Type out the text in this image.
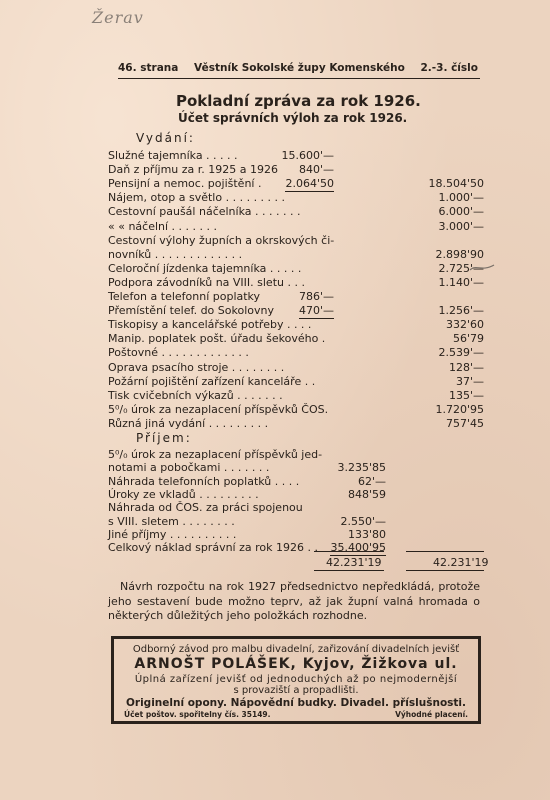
Žerav
46. strana Věstník Sokolské župy Komenského 2.-3. číslo
Pokladní zpráva za rok 1926.
Účet správních výloh za rok 1926.
Vydání:
Služné tajemníka . . . . .	15.600'—
Daň z příjmu za r. 1925 a 1926 840'—
Pensijní a nemoc. pojištění . 2.064'50	18.504'50
Nájem, otop a světlo . . . . . . . . .	1.000'—
Cestovní paušál náčelníka . . . . . . .	6.000'—
« « náčelní . . . . . . .	3.000'—
Cestovní výlohy župních a okrskových či-
novníků . . . . . . . . . . . . .	2.898'90
Celoroční jízdenka tajemníka . . . . .	2.725'—
Podpora závodníků na VIII. sletu . . .	1.140'—
Telefon a telefonní poplatky	786'—
Přemístění telef. do Sokolovny 470'—	1.256'—
Tiskopisy a kancelářské potřeby . . . .	332'60
Manip. poplatek pošt. úřadu šekového .	56'79
Poštovné . . . . . . . . . . . . .	2.539'—
Oprava psacího stroje . . . . . . . .	128'—
Požární pojištění zařízení kanceláře . .	37'—
Tisk cvičebních výkazů . . . . . . .	135'—
5⁰/₀ úrok za nezaplacení příspěvků ČOS.	1.720'95
Různá jiná vydání . . . . . . . . .	757'45
Příjem:
5⁰/₀ úrok za nezaplacení příspěvků jed-
notami a pobočkami . . . . . . .	3.235'85
Náhrada telefonních poplatků . . . .	62'—
Úroky ze vkladů . . . . . . . . .	848'59
Náhrada od ČOS. za práci spojenou
s VIII. sletem . . . . . . . .	2.550'—
Jiné příjmy . . . . . . . . . .	133'80
Celkový náklad správní za rok 1926 . . 35.400'95
42.231'19	42.231'19
Návrh rozpočtu na rok 1927 předsednictvo nepředkládá, protože jeho sestavení bude možno teprv, až jak župní valná hromada o některých důležitých jeho položkách rozhodne.
Odborný závod pro malbu divadelní, zařizování divadelních jevišť
ARNOŠT POLÁŠEK, Kyjov, Žižkova ul.
Úplná zařízení jevišť od jednoduchých až po nejmodernější
s provaziští a propadlišti.
Originelní opony. Nápovědní budky. Divadel. příslušnosti.
Účet poštov. spořitelny čís. 35149.	Výhodné placení.
